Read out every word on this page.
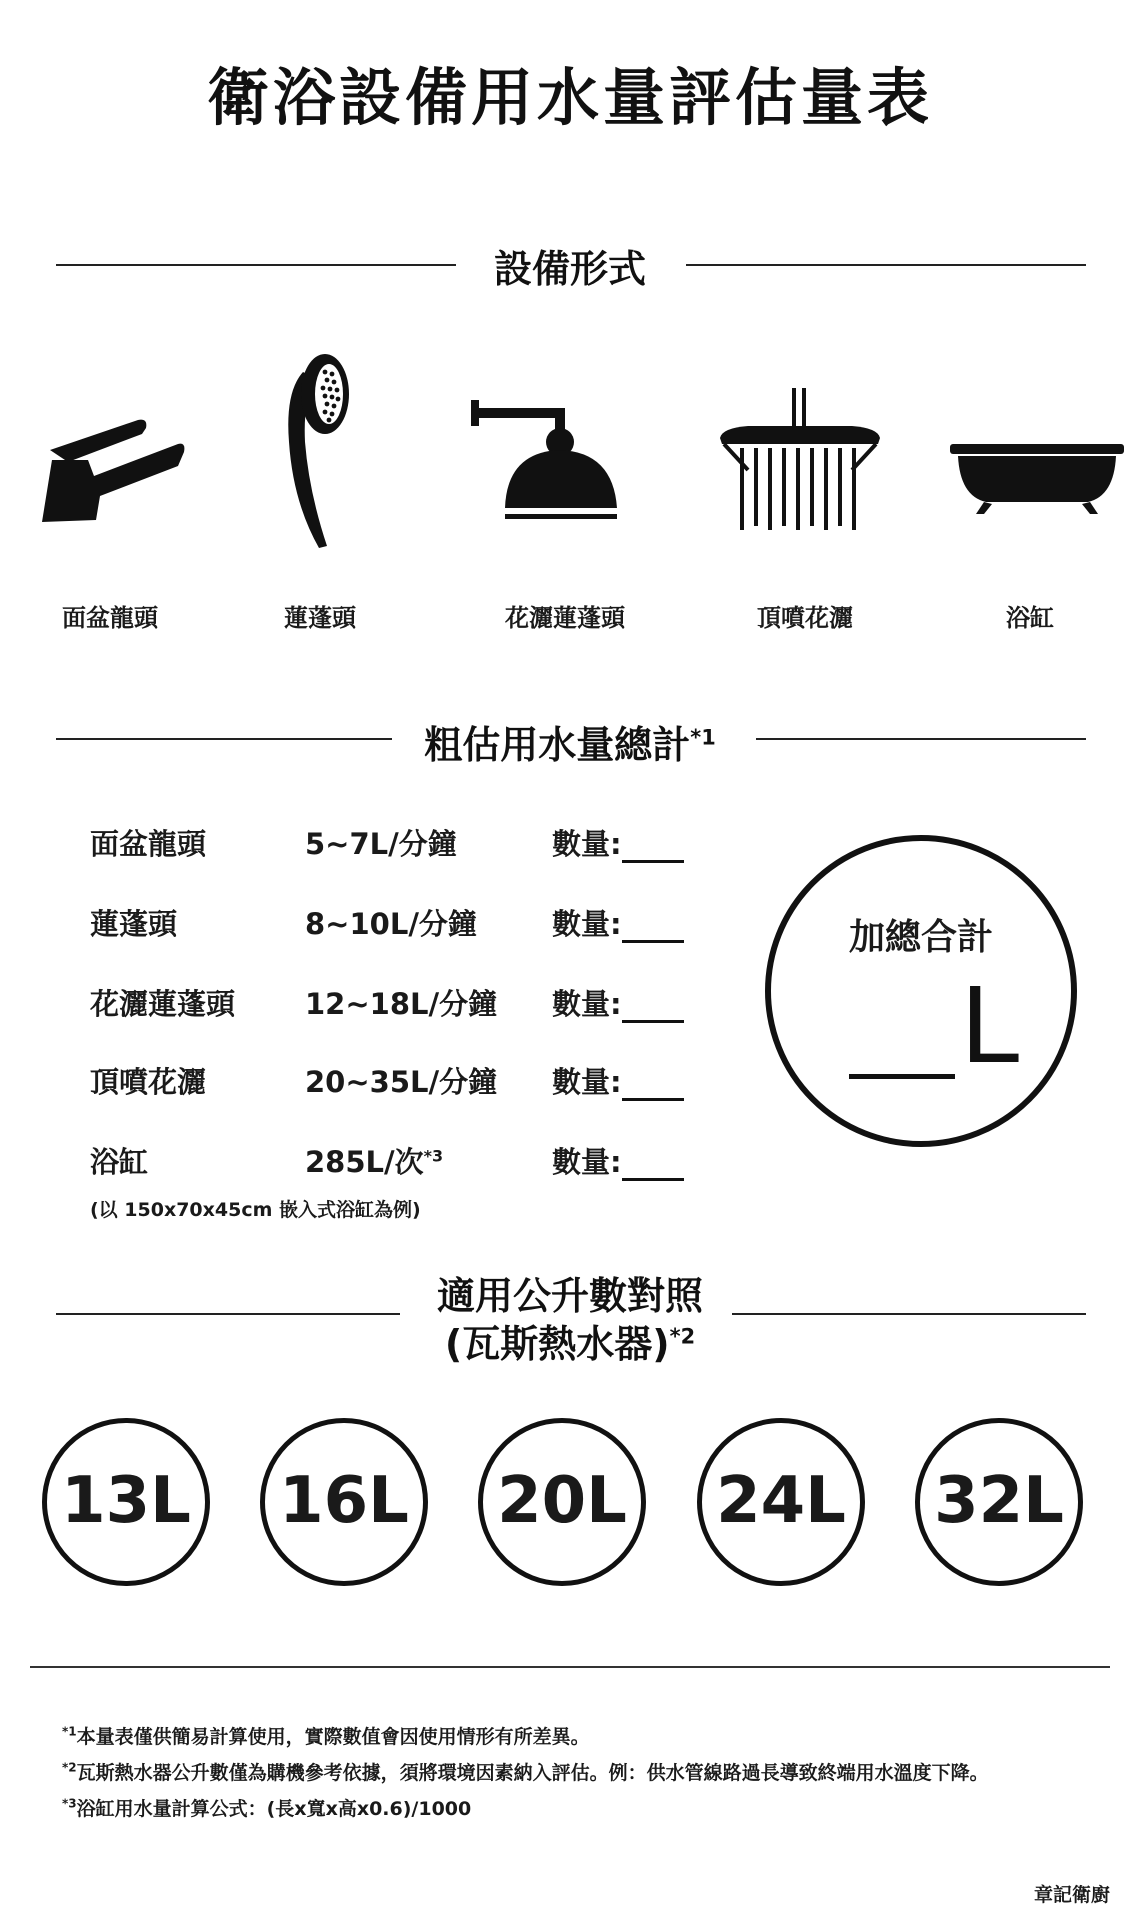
衛浴設備用水量評估量表
設備形式
面盆龍頭	蓮蓬頭	花灑蓮蓬頭	頂噴花灑	浴缸
粗估用水量總計$^{*1}$
面盆龍頭	5~7L/分鐘	數量:
蓮蓬頭	8~10L/分鐘	數量:
花灑蓮蓬頭 12~18L/分鐘 數量:
頂噴花灑	20~35L/分鐘 數量:
浴缸	285L/次$^{*3}$	數量:
(以 150x70x45cm 嵌入式浴缸為例)
加總合計
L
適用公升數對照
(瓦斯熱水器)$^{*2}$
13L 16L 20L 24L 32L
$^{*1}$本量表僅供簡易計算使用，實際數值會因使用情形有所差異。
$^{*2}$瓦斯熱水器公升數僅為購機參考依據，須將環境因素納入評估。例：供水管線路過長導致終端用水溫度下降。
$^{*3}$浴缸用水量計算公式：(長x寬x高x0.6)/1000
章記衛廚
